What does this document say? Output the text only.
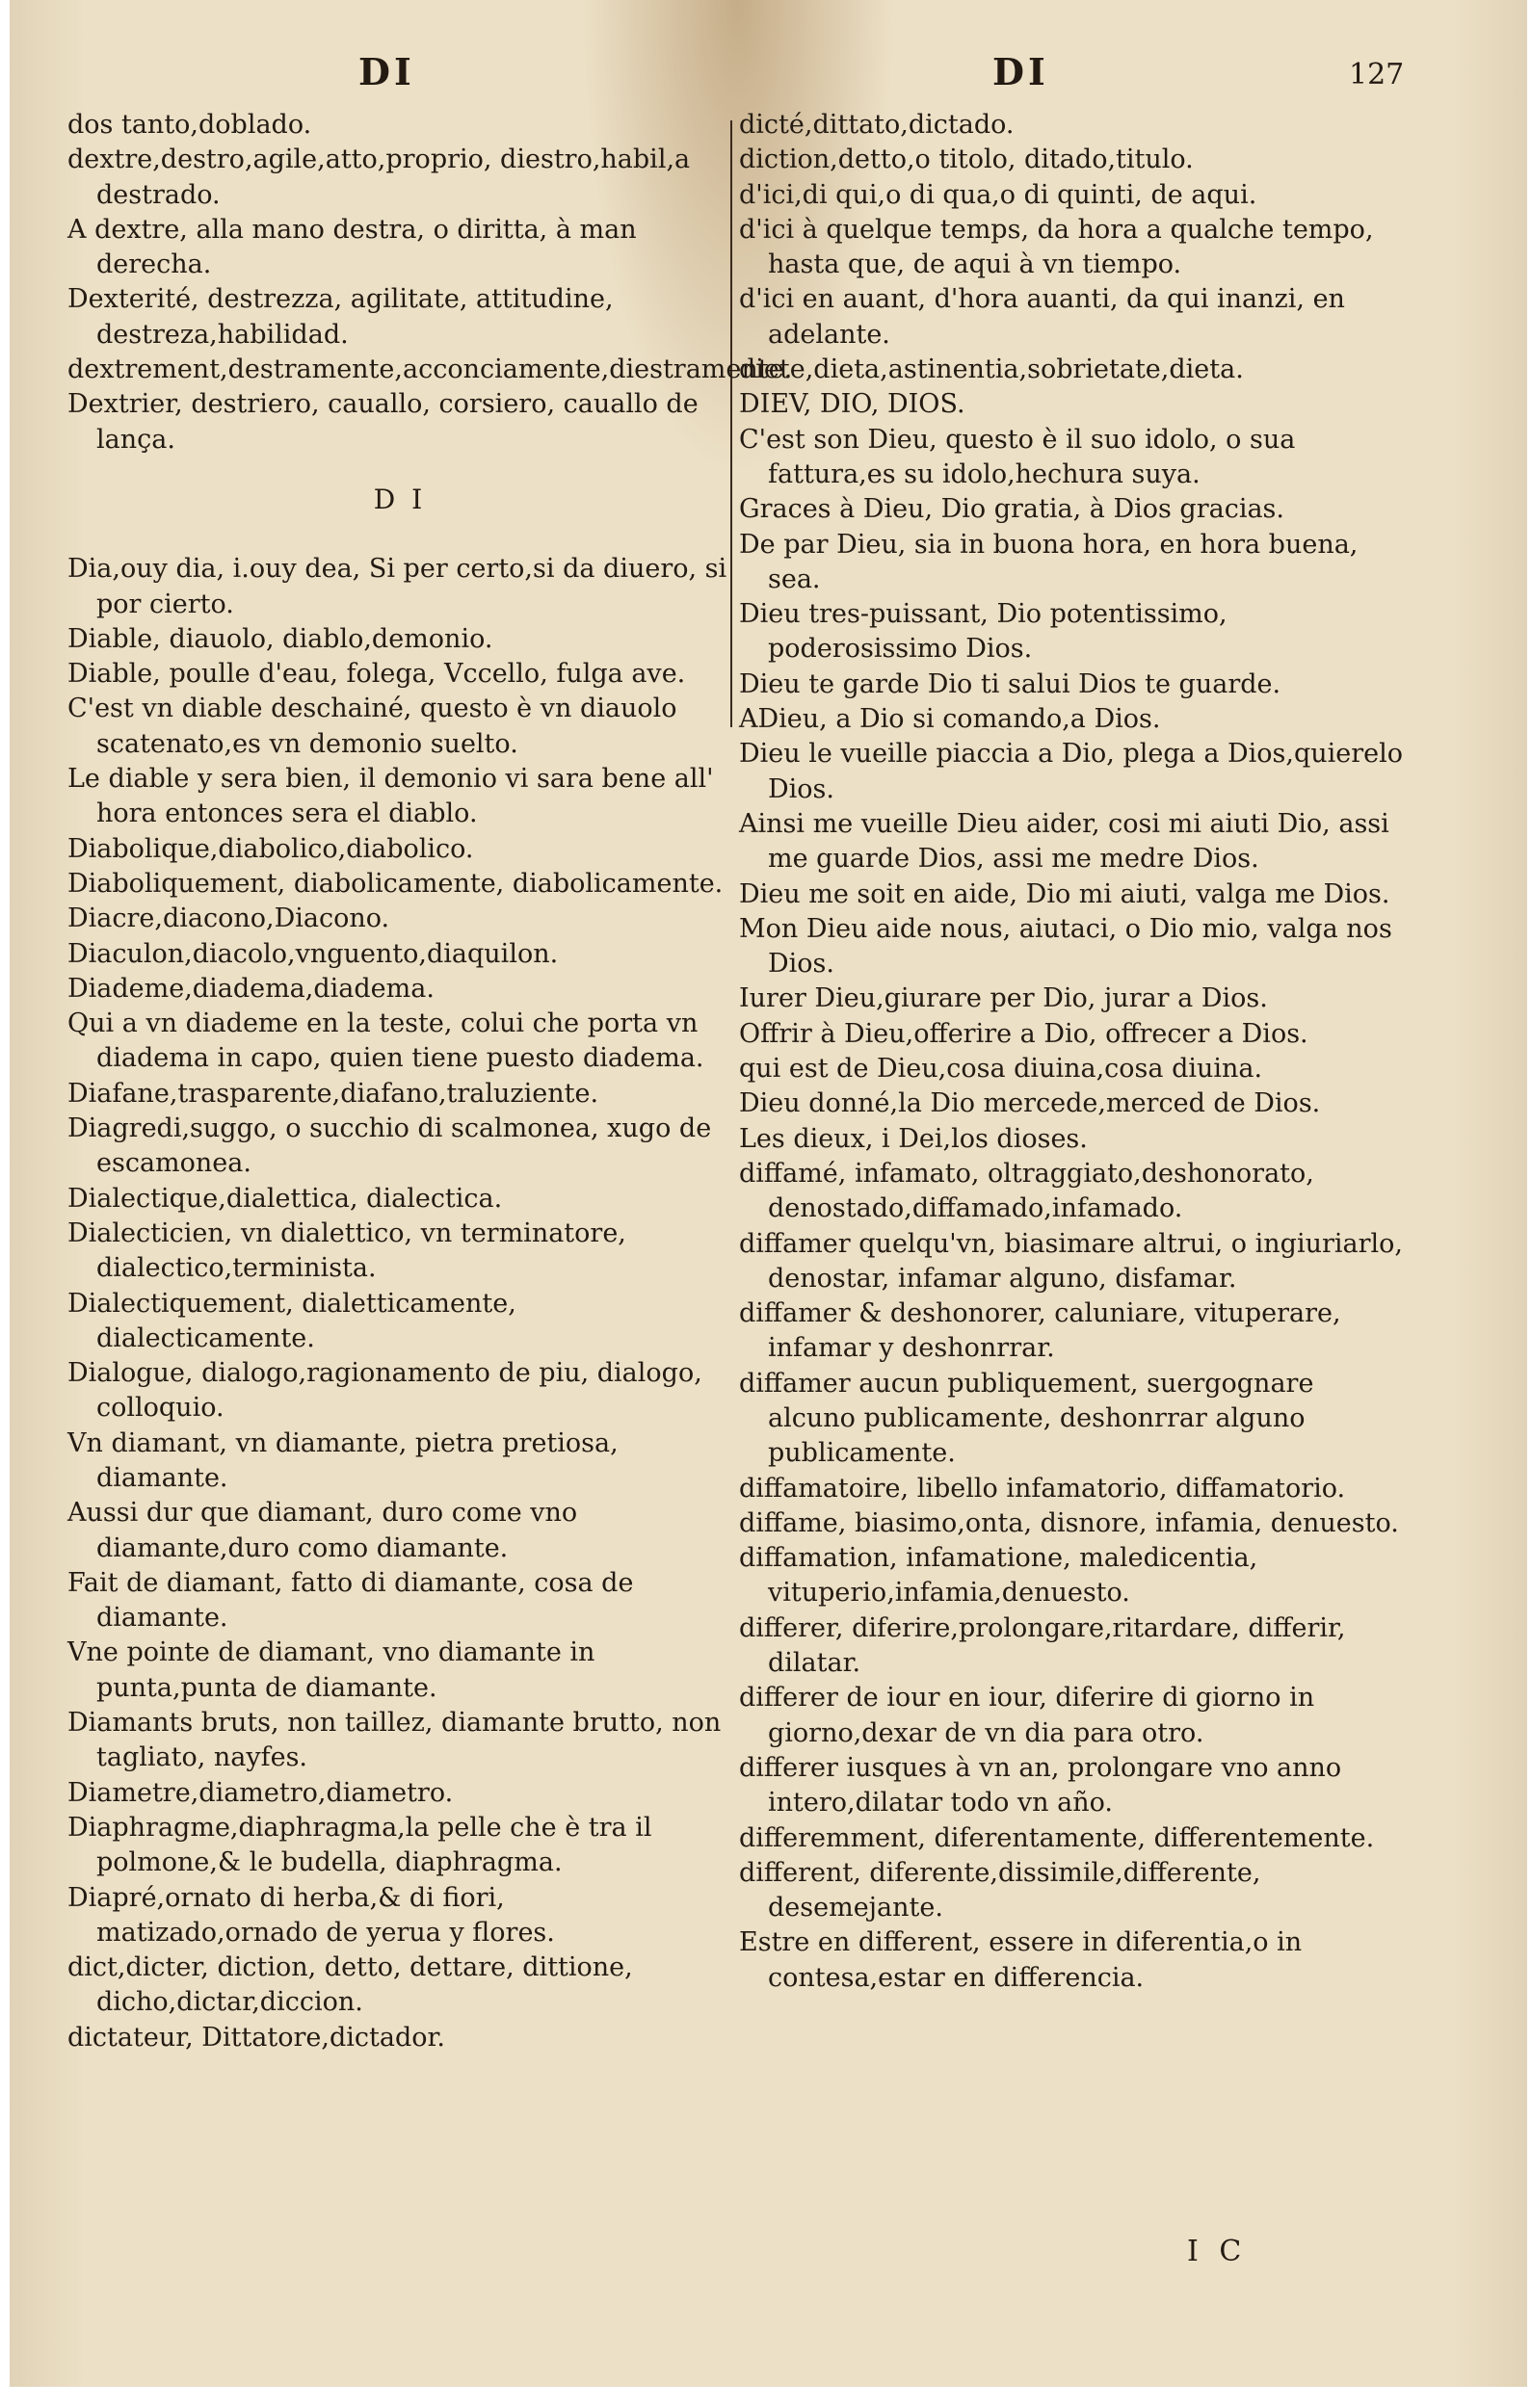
DI	DI	127
dos tanto,doblado.
dextre,destro,agile,atto,proprio, diestro,habil,a destrado.
A dextre, alla mano destra, o diritta, à man derecha.
Dexterité, destrezza, agilitate, attitudine, destreza,habilidad.
dextrement,destramente,acconciamente,diestramente.
Dextrier, destriero, cauallo, corsiero, cauallo de lança.
D I
Dia,ouy dia, i.ouy dea, Si per certo,si da diuero, si por cierto.
Diable, diauolo, diablo,demonio.
Diable, poulle d'eau, folega, Vccello, fulga ave.
C'est vn diable deschainé, questo è vn diauolo scatenato,es vn demonio suelto.
Le diable y sera bien, il demonio vi sara bene all' hora entonces sera el diablo.
Diabolique,diabolico,diabolico.
Diaboliquement, diabolicamente, diabolicamente.
Diacre,diacono,Diacono.
Diaculon,diacolo,vnguento,diaquilon.
Diademe,diadema,diadema.
Qui a vn diademe en la teste, colui che porta vn diadema in capo, quien tiene puesto diadema.
Diafane,trasparente,diafano,traluziente.
Diagredi,suggo, o succhio di scalmonea, xugo de escamonea.
Dialectique,dialettica, dialectica.
Dialecticien, vn dialettico, vn terminatore, dialectico,terminista.
Dialectiquement, dialetticamente, dialecticamente.
Dialogue, dialogo,ragionamento de piu, dialogo, colloquio.
Vn diamant, vn diamante, pietra pretiosa, diamante.
Aussi dur que diamant, duro come vno diamante,duro como diamante.
Fait de diamant, fatto di diamante, cosa de diamante.
Vne pointe de diamant, vno diamante in punta,punta de diamante.
Diamants bruts, non taillez, diamante brutto, non tagliato, nayfes.
Diametre,diametro,diametro.
Diaphragme,diaphragma,la pelle che è tra il polmone,& le budella, diaphragma.
Diapré,ornato di herba,& di fiori, matizado,ornado de yerua y flores.
dict,dicter, diction, detto, dettare, dittione, dicho,dictar,diccion.
dictateur, Dittatore,dictador.
dicté,dittato,dictado.
diction,detto,o titolo, ditado,titulo.
d'ici,di qui,o di qua,o di quinti, de aqui.
d'ici à quelque temps, da hora a qualche tempo, hasta que, de aqui à vn tiempo.
d'ici en auant, d'hora auanti, da qui inanzi, en adelante.
diete,dieta,astinentia,sobrietate,dieta.
DIEV, DIO, DIOS.
C'est son Dieu, questo è il suo idolo, o sua fattura,es su idolo,hechura suya.
Graces à Dieu, Dio gratia, à Dios gracias.
De par Dieu, sia in buona hora, en hora buena, sea.
Dieu tres-puissant, Dio potentissimo, poderosissimo Dios.
Dieu te garde Dio ti salui Dios te guarde.
ADieu, a Dio si comando,a Dios.
Dieu le vueille piaccia a Dio, plega a Dios,quierelo Dios.
Ainsi me vueille Dieu aider, cosi mi aiuti Dio, assi me guarde Dios, assi me medre Dios.
Dieu me soit en aide, Dio mi aiuti, valga me Dios.
Mon Dieu aide nous, aiutaci, o Dio mio, valga nos Dios.
Iurer Dieu,giurare per Dio, jurar a Dios.
Offrir à Dieu,offerire a Dio, offrecer a Dios.
qui est de Dieu,cosa diuina,cosa diuina.
Dieu donné,la Dio mercede,merced de Dios.
Les dieux, i Dei,los dioses.
diffamé, infamato, oltraggiato,deshonorato, denostado,diffamado,infamado.
diffamer quelqu'vn, biasimare altrui, o ingiuriarlo, denostar, infamar alguno, disfamar.
diffamer & deshonorer, caluniare, vituperare, infamar y deshonrrar.
diffamer aucun publiquement, suergognare alcuno publicamente, deshonrrar alguno publicamente.
diffamatoire, libello infamatorio, diffamatorio.
diffame, biasimo,onta, disnore, infamia, denuesto.
diffamation, infamatione, maledicentia, vituperio,infamia,denuesto.
differer, diferire,prolongare,ritardare, differir, dilatar.
differer de iour en iour, diferire di giorno in giorno,dexar de vn dia para otro.
differer iusques à vn an, prolongare vno anno intero,dilatar todo vn año.
differemment, diferentamente, differentemente.
different, diferente,dissimile,differente, desemejante.
Estre en different, essere in diferentia,o in contesa,estar en differencia.
I C
